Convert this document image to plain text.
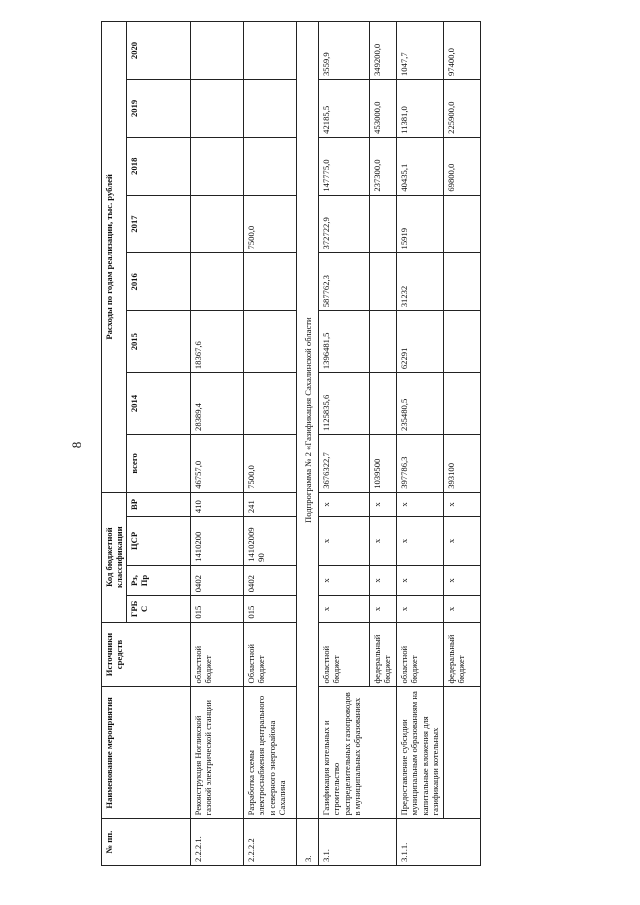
8
№ пп.	Наименование мероприятия	Источники средств	Код бюджетной классификации				Расходы по годам реализации, тыс. рублей							
			ГРБ С	Рз, Пр	ЦСР	ВР	всего	2014	2015	2016	2017	2018	2019	2020
2.2.2.1.	Реконструкция Ногликской газовой электрической станции	областной бюджет	015	0402	1410200	410	46757,0	28389,4	18367,6					
2.2.2.2	Разработка схемы электроснабжения центрального и северного энергорайона Сахалина	Областной бюджет	015	0402	14102009 90	241	7500,0				7500,0			
3.	Подпрограмма № 2 «Газификация Сахалинской области													
3.1.	Газификация котельных и строительство распределительных газопроводов в муниципальных образованиях	областной бюджет	x	x	x	x	3676322,7	1125835,6	1396481,5	587762,3	372722,9	147775,0	42185,5	3559,9
		федеральный бюджет	x	x	x	x	1039500					237300,0	453000,0	349200,0
3.1.1.	Предоставление субсидии муниципальным образованиям на капитальные вложения для газификации котельных	областной бюджет	x	x	x	x	397786,3	235480,5	62291	31232	15919	40435,1	11381,0	1047,7
		федеральный бюджет	x	x	x	x	393100					69800,0	225900,0	97400,0
